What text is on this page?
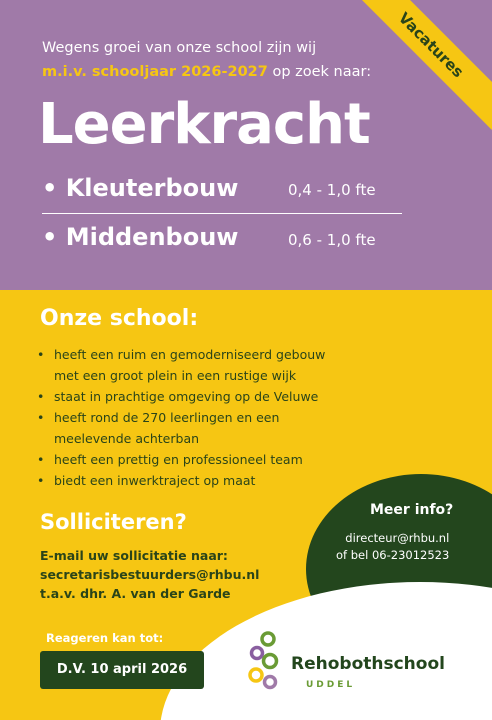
Vacatures
Wegens groei van onze school zijn wij
m.i.v. schooljaar 2026-2027 op zoek naar:
Leerkracht
• Kleuterbouw	0,4 - 1,0 fte
• Middenbouw	0,6 - 1,0 fte
Onze school:
• heeft een ruim en gemoderniseerd gebouw
met een groot plein in een rustige wijk
• staat in prachtige omgeving op de Veluwe
• heeft rond de 270 leerlingen en een
meelevende achterban
• heeft een prettig en professioneel team
• biedt een inwerktraject op maat
Solliciteren?
E-mail uw sollicitatie naar:
secretarisbestuurders@rhbu.nl
t.a.v. dhr. A. van der Garde
Meer info?
directeur@rhbu.nl
of bel 06-23012523
Reageren kan tot:
D.V. 10 april 2026	Rehobothschool
UDDEL
